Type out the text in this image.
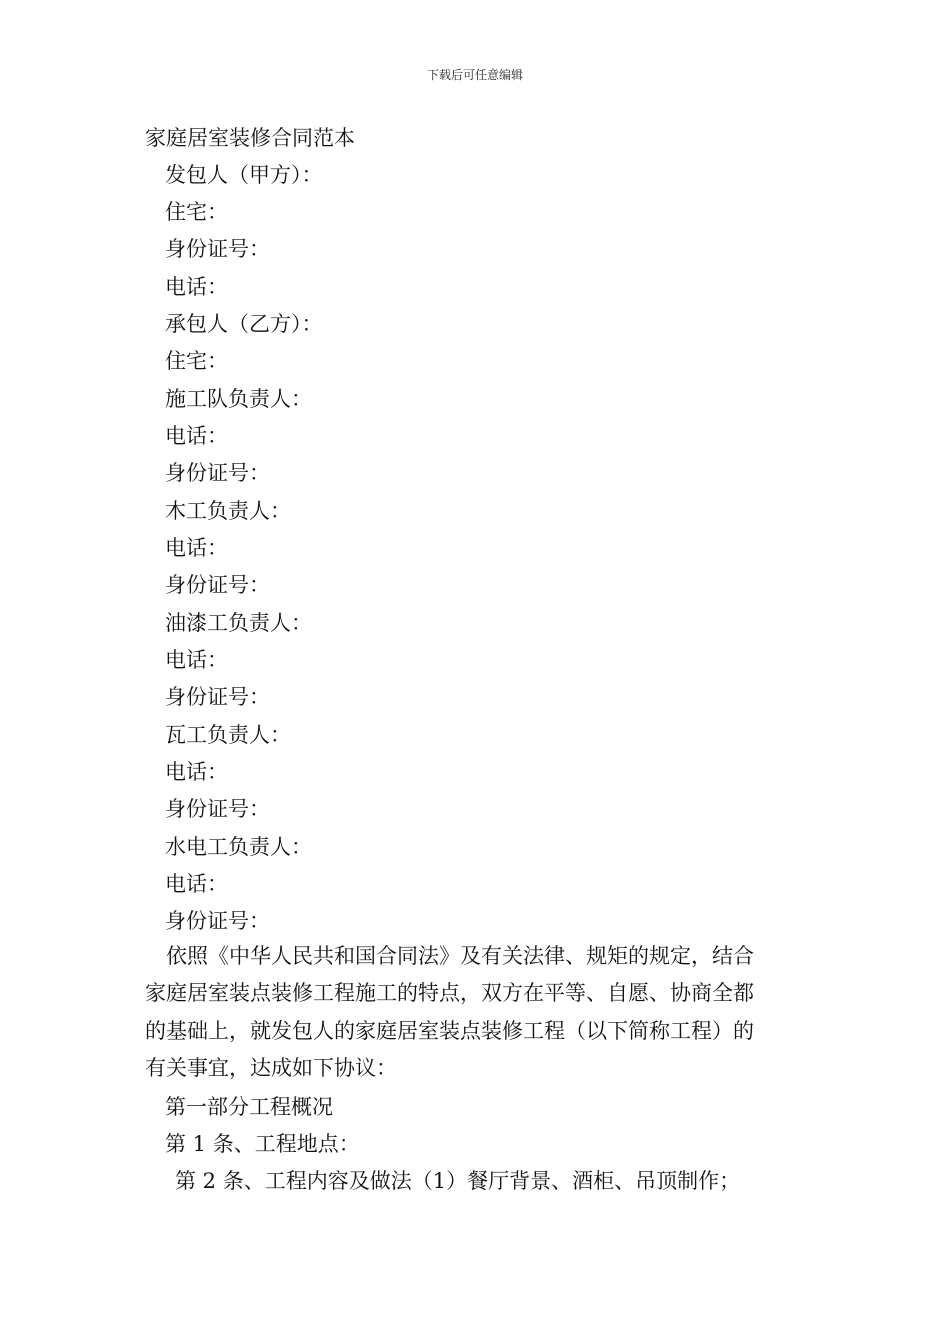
下载后可任意编辑
家庭居室装修合同范本
发包人（甲方）：
住宅：
身份证号：
电话：
承包人（乙方）：
住宅：
施工队负责人：
电话：
身份证号：
木工负责人：
电话：
身份证号：
油漆工负责人：
电话：
身份证号：
瓦工负责人：
电话：
身份证号：
水电工负责人：
电话：
身份证号：

　依照《中华人民共和国合同法》及有关法律、规矩的规定，结合

家庭居室装点装修工程施工的特点，双方在平等、自愿、协商全都

的基础上，就发包人的家庭居室装点装修工程（以下简称工程）的

有关事宜，达成如下协议：

第一部分工程概况
第 1 条、工程地点：
第 2 条、工程内容及做法（1）餐厅背景、酒柜、吊顶制作；
